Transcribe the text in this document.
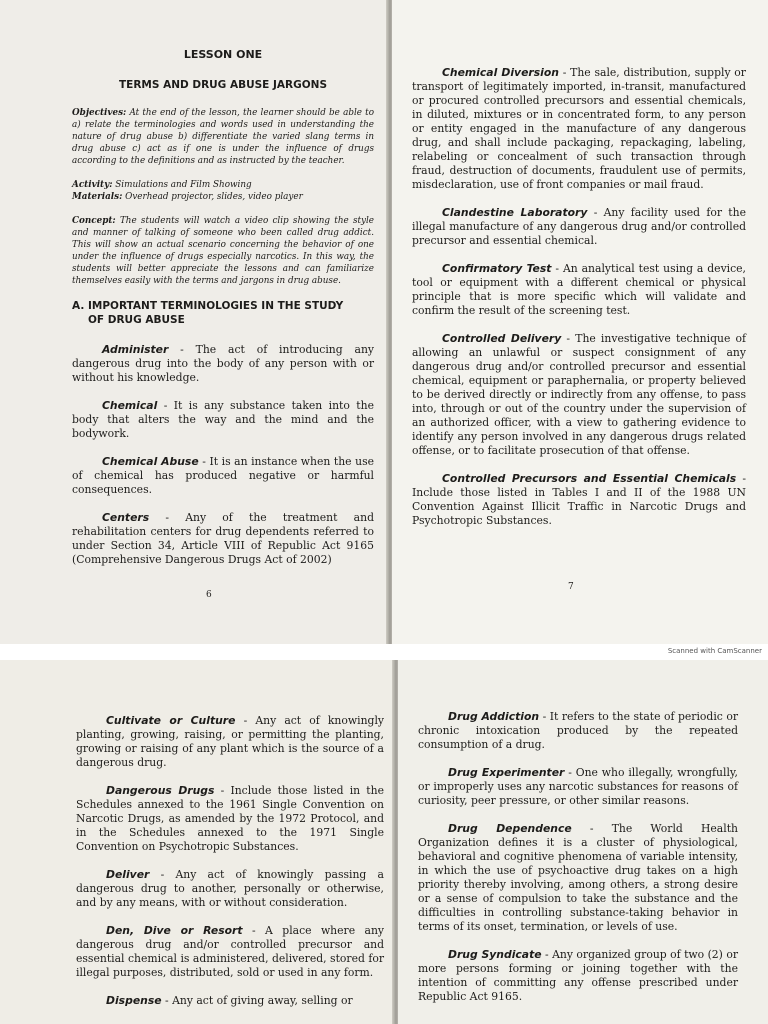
LESSON ONE
TERMS AND DRUG ABUSE JARGONS

Objectives: At the end of the lesson, the learner should be able to a) relate the terminologies and words used in understanding the nature of drug abuse b) differentiate the varied slang terms in drug abuse c) act as if one is under the influence of drugs according to the definitions and as instructed by the teacher.

Activity: Simulations and Film Showing

Materials: Overhead projector, slides, video player

Concept: The students will watch a video clip showing the style and manner of talking of someone who been called drug addict. This will show an actual scenario concerning the behavior of one under the influence of drugs especially narcotics. In this way, the students will better appreciate the lessons and can familiarize themselves easily with the terms and jargons in drug abuse.

A. IMPORTANT TERMINOLOGIES IN THE STUDY
OF DRUG ABUSE

Administer - The act of introducing any dangerous drug into the body of any person with or without his knowledge.

Chemical - It is any substance taken into the body that alters the way and the mind and the bodywork.

Chemical Abuse - It is an instance when the use of chemical has produced negative or harmful consequences.

Centers - Any of the treatment and rehabilitation centers for drug dependents referred to under Section 34, Article VIII of Republic Act 9165 (Comprehensive Dangerous Drugs Act of 2002)

6

Chemical Diversion - The sale, distribution, supply or transport of legitimately imported, in-transit, manufactured or procured controlled precursors and essential chemicals, in diluted, mixtures or in concentrated form, to any person or entity engaged in the manufacture of any dangerous drug, and shall include packaging, repackaging, labeling, relabeling or concealment of such transaction through fraud, destruction of documents, fraudulent use of permits, misdeclaration, use of front companies or mail fraud.

Clandestine Laboratory - Any facility used for the illegal manufacture of any dangerous drug and/or controlled precursor and essential chemical.

Confirmatory Test - An analytical test using a device, tool or equipment with a different chemical or physical principle that is more specific which will validate and confirm the result of the screening test.

Controlled Delivery - The investigative technique of allowing an unlawful or suspect consignment of any dangerous drug and/or controlled precursor and essential chemical, equipment or paraphernalia, or property believed to be derived directly or indirectly from any offense, to pass into, through or out of the country under the supervision of an authorized officer, with a view to gathering evidence to identify any person involved in any dangerous drugs related offense, or to facilitate prosecution of that offense.

Controlled Precursors and Essential Chemicals - Include those listed in Tables I and II of the 1988 UN Convention Against Illicit Traffic in Narcotic Drugs and Psychotropic Substances.

7
Scanned with CamScanner

Cultivate or Culture - Any act of knowingly planting, growing, raising, or permitting the planting, growing or raising of any plant which is the source of a dangerous drug.

Dangerous Drugs - Include those listed in the Schedules annexed to the 1961 Single Convention on Narcotic Drugs, as amended by the 1972 Protocol, and in the Schedules annexed to the 1971 Single Convention on Psychotropic Substances.

Deliver - Any act of knowingly passing a dangerous drug to another, personally or otherwise, and by any means, with or without consideration.

Den, Dive or Resort - A place where any dangerous drug and/or controlled precursor and essential chemical is administered, delivered, stored for illegal purposes, distributed, sold or used in any form.

Dispense - Any act of giving away, selling or

Drug Addiction - It refers to the state of periodic or chronic intoxication produced by the repeated consumption of a drug.

Drug Experimenter - One who illegally, wrongfully, or improperly uses any narcotic substances for reasons of curiosity, peer pressure, or other similar reasons.

Drug Dependence - The World Health Organization defines it is a cluster of physiological, behavioral and cognitive phenomena of variable intensity, in which the use of psychoactive drug takes on a high priority thereby involving, among others, a strong desire or a sense of compulsion to take the substance and the difficulties in controlling substance-taking behavior in terms of its onset, termination, or levels of use.

Drug Syndicate - Any organized group of two (2) or more persons forming or joining together with the intention of committing any offense prescribed under Republic Act 9165.
